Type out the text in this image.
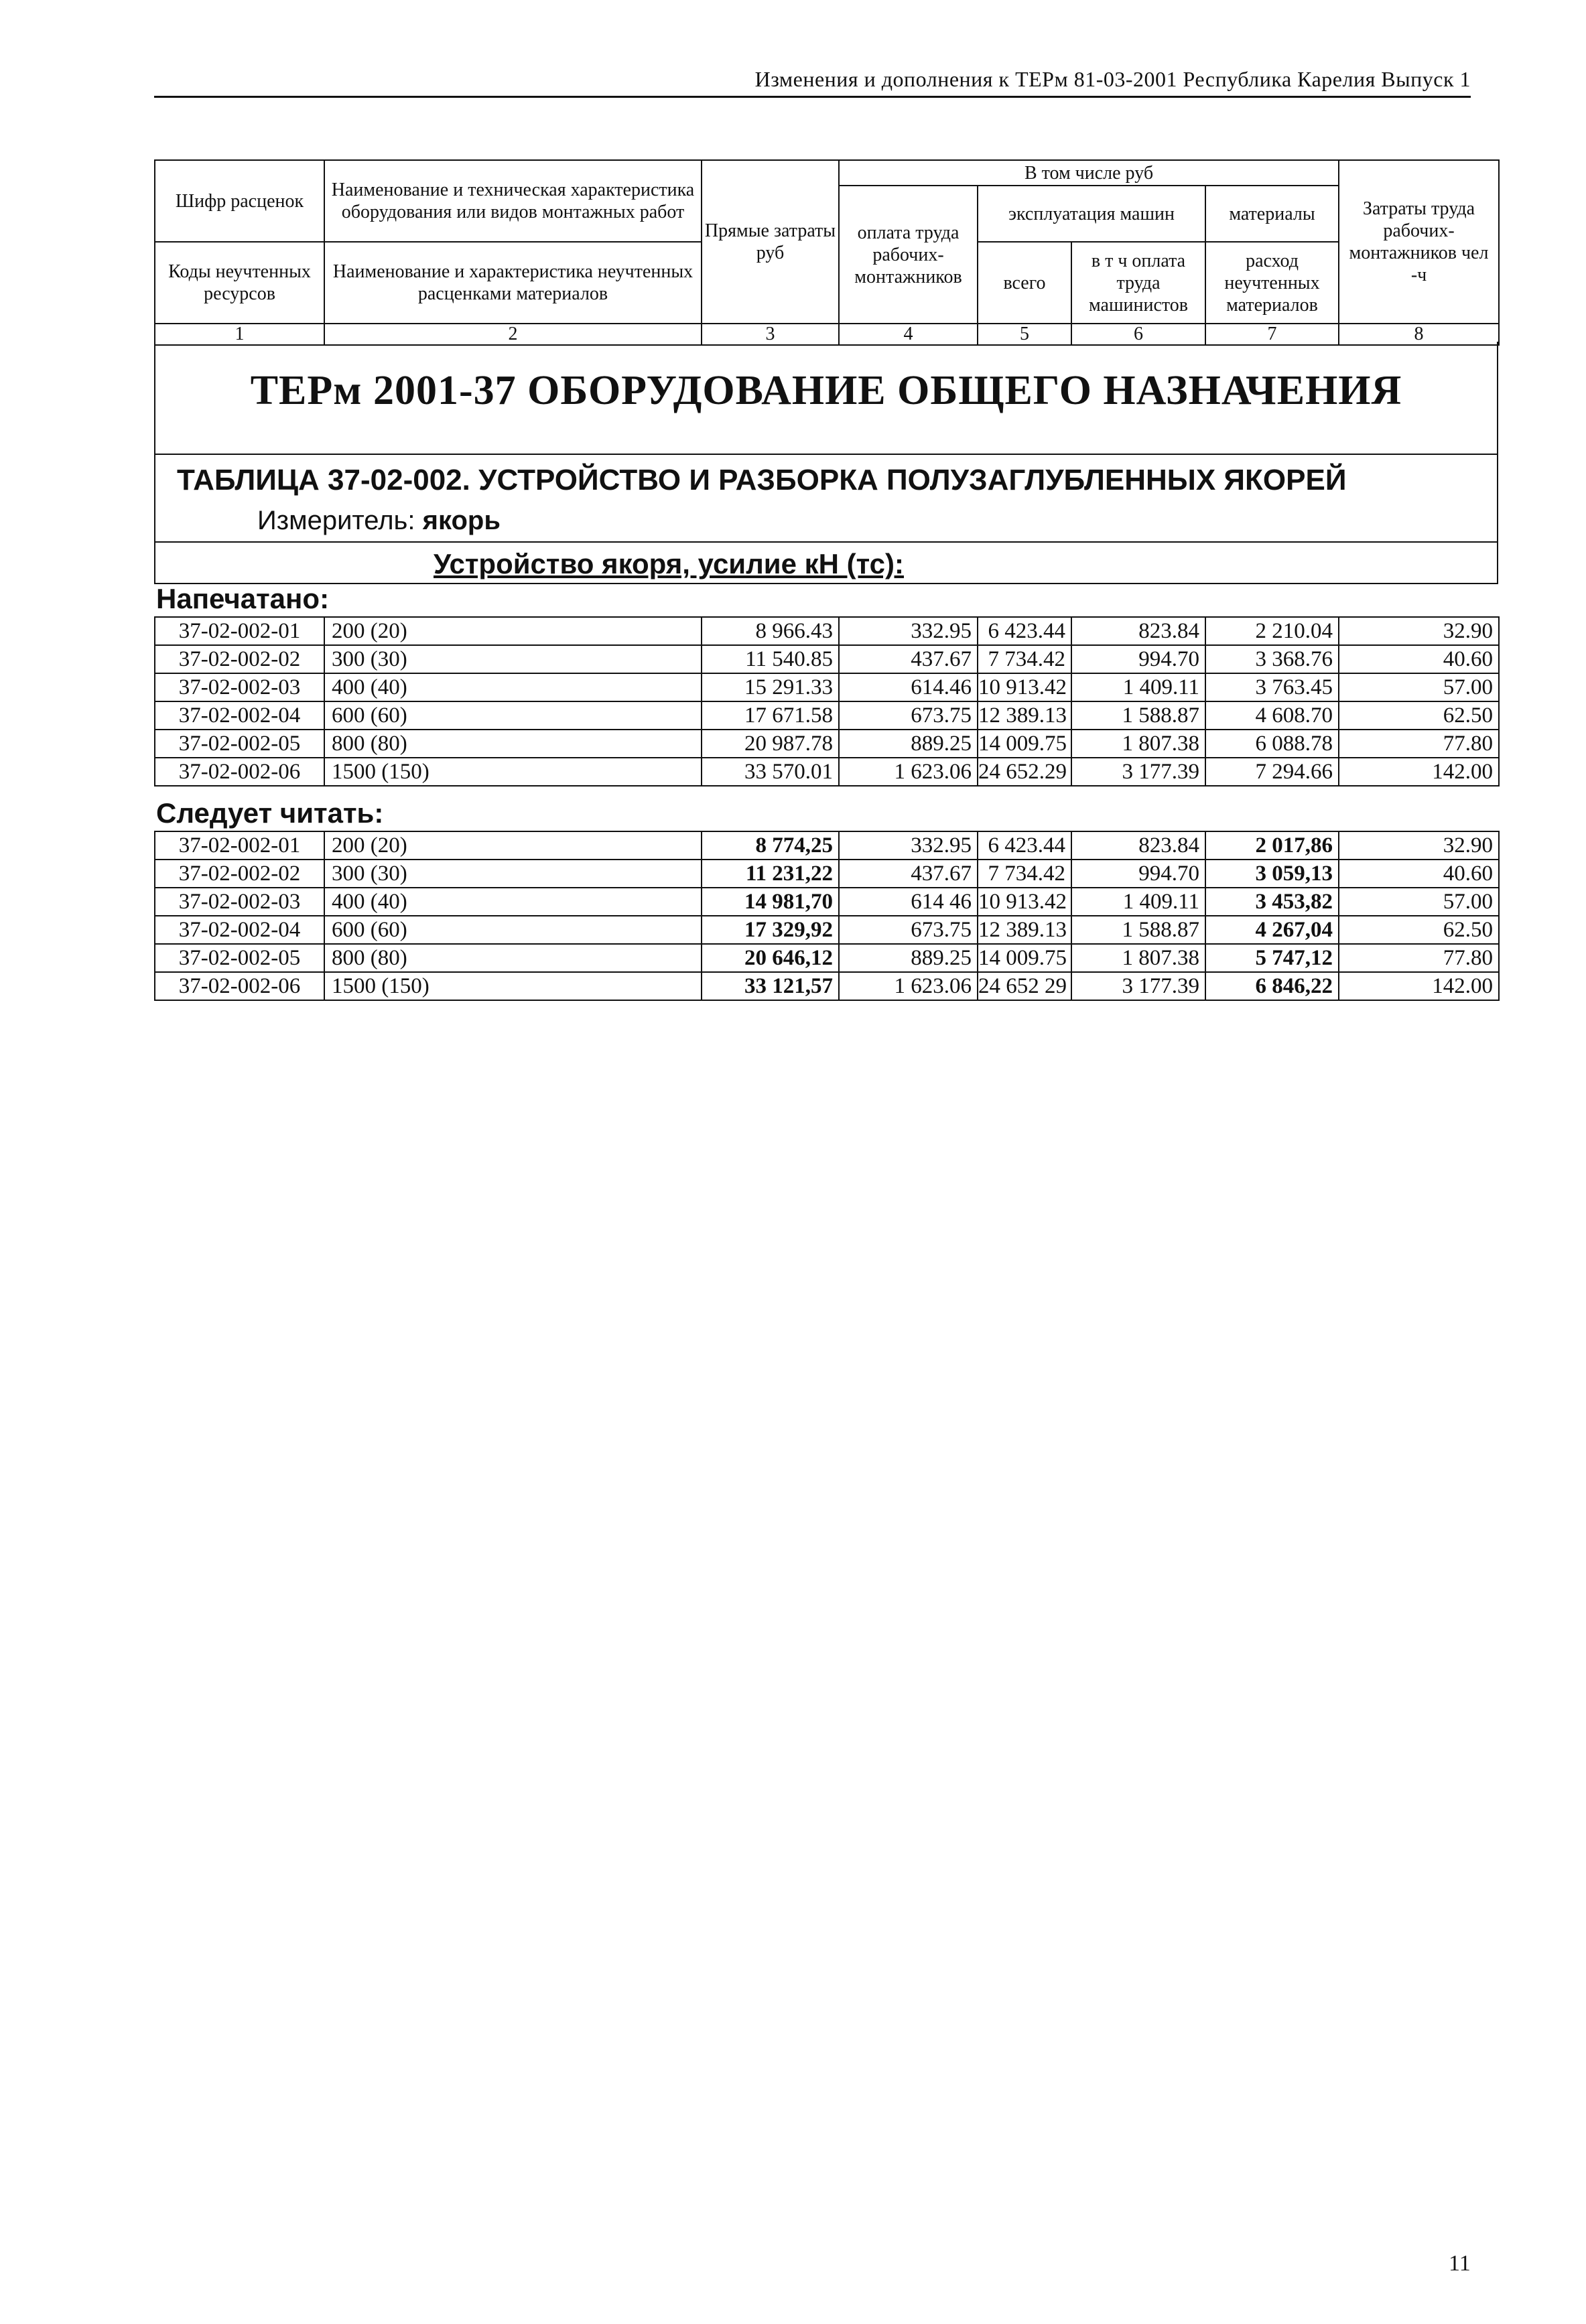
Изменения и дополнения к ТЕРм 81-03-2001 Республика Карелия Выпуск 1
Шифр расценок	Наименование и техническая характеристика оборудования или видов монтажных работ	Прямые затраты руб	В том числе руб				Затраты труда рабочих-монтажников чел -ч
			оплата труда рабочих-монтажников	эксплуатация машин		материалы	
Коды неучтенных ресурсов	Наименование и характеристика неучтенных расценками материалов			всего	в т ч оплата труда машинистов	расход неучтенных материалов	

1	2	3	4	5	6	7	8
ТЕРм 2001-37 ОБОРУДОВАНИЕ ОБЩЕГО НАЗНАЧЕНИЯ
ТАБЛИЦА 37-02-002. УСТРОЙСТВО И РАЗБОРКА ПОЛУЗАГЛУБЛЕННЫХ ЯКОРЕЙ
Измеритель: якорь
Устройство якоря, усилие кН (тс):
Напечатано:
37-02-002-01	200 (20)	8 966.43	332.95	6 423.44	823.84	2 210.04	32.90
37-02-002-02	300 (30)	11 540.85	437.67	7 734.42	994.70	3 368.76	40.60
37-02-002-03	400 (40)	15 291.33	614.46	10 913.42	1 409.11	3 763.45	57.00
37-02-002-04	600 (60)	17 671.58	673.75	12 389.13	1 588.87	4 608.70	62.50
37-02-002-05	800 (80)	20 987.78	889.25	14 009.75	1 807.38	6 088.78	77.80
37-02-002-06	1500 (150)	33 570.01	1 623.06	24 652.29	3 177.39	7 294.66	142.00
Следует читать:
37-02-002-01	200 (20)	8 774,25	332.95	6 423.44	823.84	2 017,86	32.90
37-02-002-02	300 (30)	11 231,22	437.67	7 734.42	994.70	3 059,13	40.60
37-02-002-03	400 (40)	14 981,70	614 46	10 913.42	1 409.11	3 453,82	57.00
37-02-002-04	600 (60)	17 329,92	673.75	12 389.13	1 588.87	4 267,04	62.50
37-02-002-05	800 (80)	20 646,12	889.25	14 009.75	1 807.38	5 747,12	77.80
37-02-002-06	1500 (150)	33 121,57	1 623.06	24 652 29	3 177.39	6 846,22	142.00
11
